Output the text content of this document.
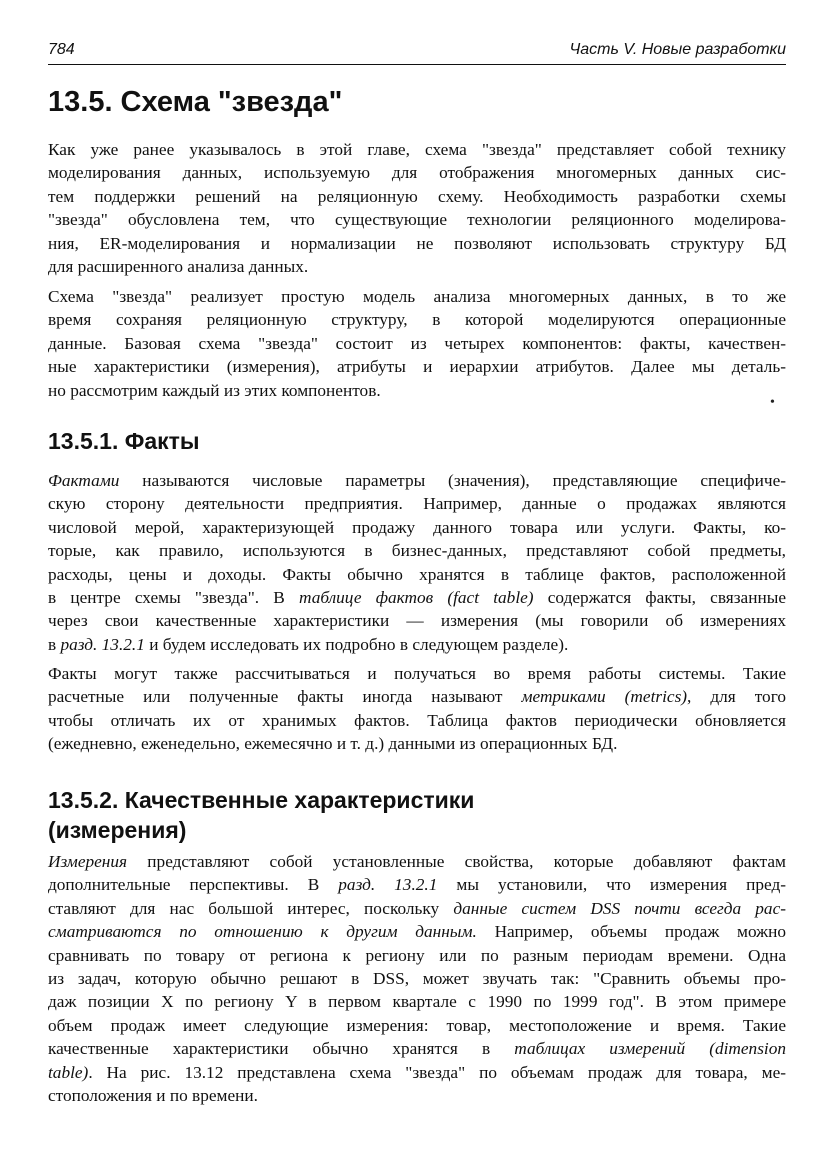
784	Часть V. Новые разработки
13.5. Схема "звезда"

Как уже ранее указывалось в этой главе, схема "звезда" представляет собой технику
моделирования данных, используемую для отображения многомерных данных сис-
тем поддержки решений на реляционную схему. Необходимость разработки схемы
"звезда" обусловлена тем, что существующие технологии реляционного моделирова-
ния, ER-моделирования и нормализации не позволяют использовать структуру БД
для расширенного анализа данных.

Схема "звезда" реализует простую модель анализа многомерных данных, в то же
время сохраняя реляционную структуру, в которой моделируются операционные
данные. Базовая схема "звезда" состоит из четырех компонентов: факты, качествен-
ные характеристики (измерения), атрибуты и иерархии атрибутов. Далее мы деталь-
но рассмотрим каждый из этих компонентов.

•
13.5.1. Факты

Фактами называются числовые параметры (значения), представляющие специфиче-
скую сторону деятельности предприятия. Например, данные о продажах являются
числовой мерой, характеризующей продажу данного товара или услуги. Факты, ко-
торые, как правило, используются в бизнес-данных, представляют собой предметы,
расходы, цены и доходы. Факты обычно хранятся в таблице фактов, расположенной
в центре схемы "звезда". В таблице фактов (fact table) содержатся факты, связанные
через свои качественные характеристики — измерения (мы говорили об измерениях
в разд. 13.2.1 и будем исследовать их подробно в следующем разделе).

Факты могут также рассчитываться и получаться во время работы системы. Такие
расчетные или полученные факты иногда называют метриками (metrics), для того
чтобы отличать их от хранимых фактов. Таблица фактов периодически обновляется
(ежедневно, еженедельно, ежемесячно и т. д.) данными из операционных БД.

13.5.2. Качественные характеристики (измерения)

Измерения представляют собой установленные свойства, которые добавляют фактам
дополнительные перспективы. В разд. 13.2.1 мы установили, что измерения пред-
ставляют для нас большой интерес, поскольку данные систем DSS почти всегда рас-
сматриваются по отношению к другим данным. Например, объемы продаж можно
сравнивать по товару от региона к региону или по разным периодам времени. Одна
из задач, которую обычно решают в DSS, может звучать так: "Сравнить объемы про-
даж позиции X по региону Y в первом квартале с 1990 по 1999 год". В этом примере
объем продаж имеет следующие измерения: товар, местоположение и время. Такие
качественные характеристики обычно хранятся в таблицах измерений (dimension
table). На рис. 13.12 представлена схема "звезда" по объемам продаж для товара, ме-
стоположения и по времени.
